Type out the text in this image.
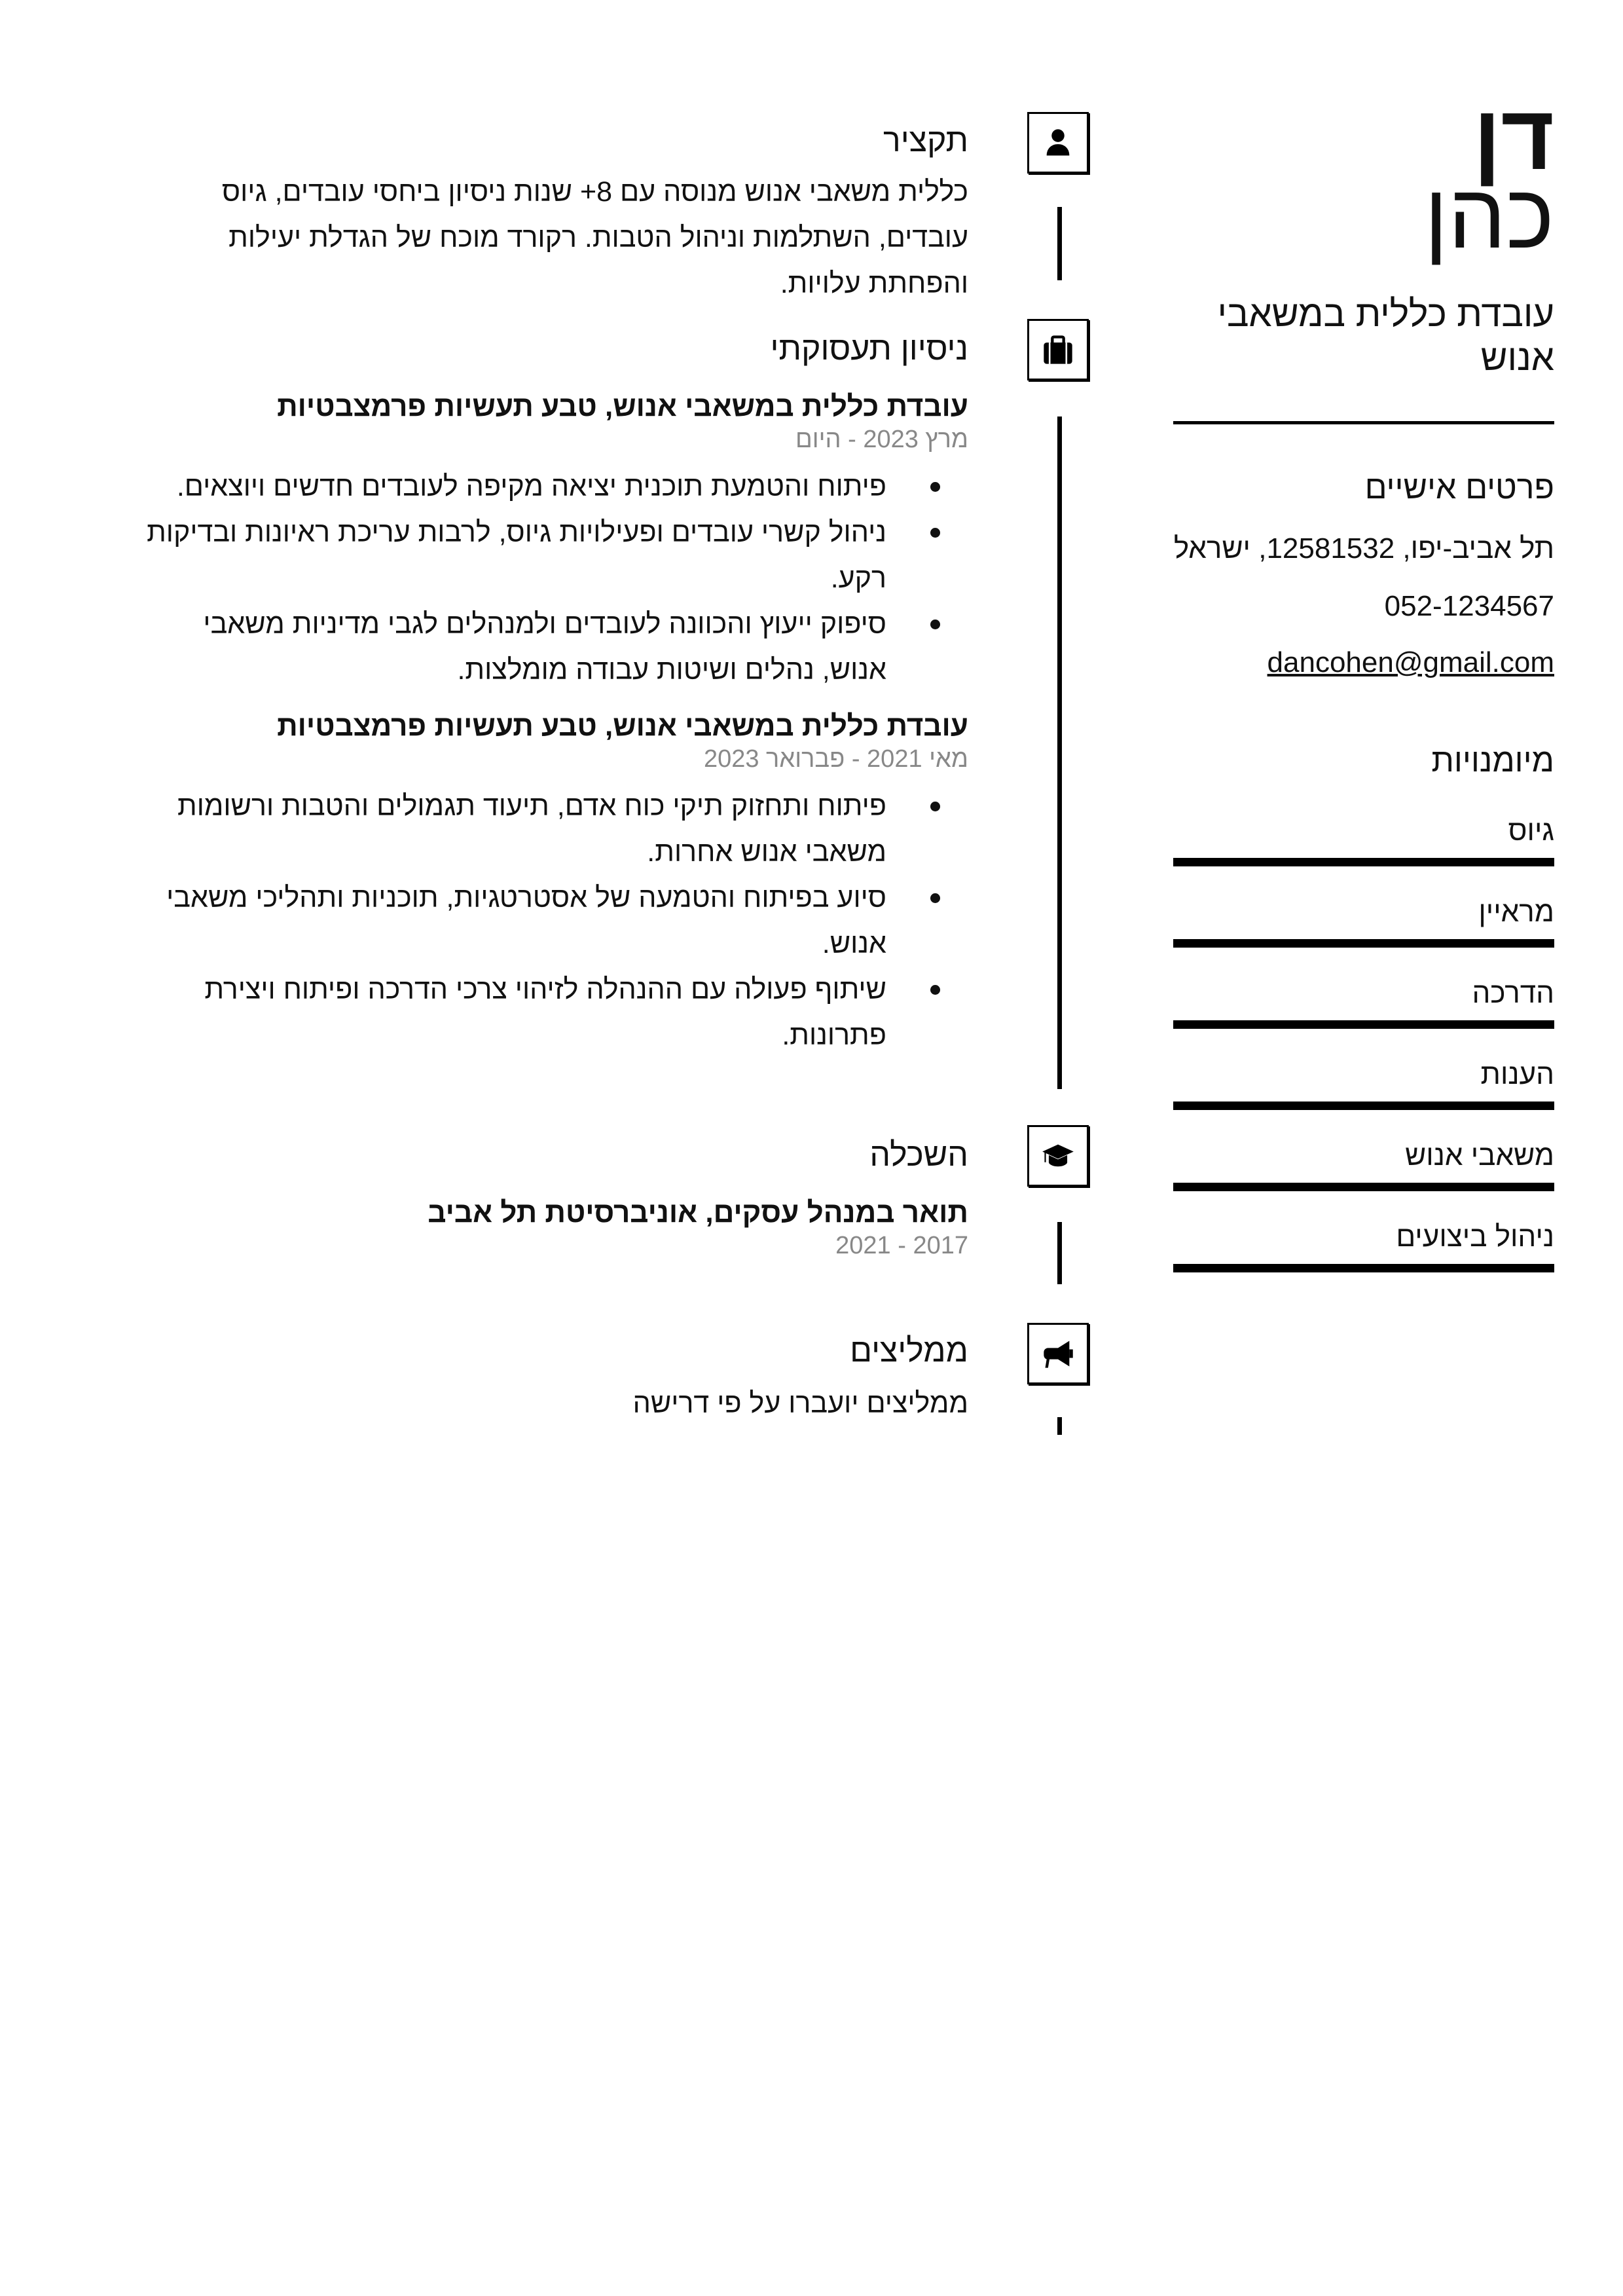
דן
כהן
עובדת כללית במשאבי אנוש
פרטים אישיים
תל אביב-יפו, 12581532, ישראל
052-1234567
dancohen@gmail.com
מיומנויות
גיוס
מראיין
הדרכה
הענות
משאבי אנוש
ניהול ביצועים
תקציר
כללית משאבי אנוש מנוסה עם 8+ שנות ניסיון ביחסי עובדים, גיוס עובדים, השתלמות וניהול הטבות. רקורד מוכח של הגדלת יעילות והפחתת עלויות.
ניסיון תעסוקתי
עובדת כללית במשאבי אנוש, טבע תעשיות פרמצבטיות
מרץ 2023 - היום
פיתוח והטמעת תוכנית יציאה מקיפה לעובדים חדשים ויוצאים.
ניהול קשרי עובדים ופעילויות גיוס, לרבות עריכת ראיונות ובדיקות רקע.
סיפוק ייעוץ והכוונה לעובדים ולמנהלים לגבי מדיניות משאבי אנוש, נהלים ושיטות עבודה מומלצות.
עובדת כללית במשאבי אנוש, טבע תעשיות פרמצבטיות
מאי 2021 - פברואר 2023
פיתוח ותחזוק תיקי כוח אדם, תיעוד תגמולים והטבות ורשומות משאבי אנוש אחרות.
סיוע בפיתוח והטמעה של אסטרטגיות, תוכניות ותהליכי משאבי אנוש.
שיתוף פעולה עם ההנהלה לזיהוי צרכי הדרכה ופיתוח ויצירת פתרונות.
השכלה
תואר במנהל עסקים, אוניברסיטת תל אביב
2017 - 2021
ממליצים
ממליצים יועברו על פי דרישה
